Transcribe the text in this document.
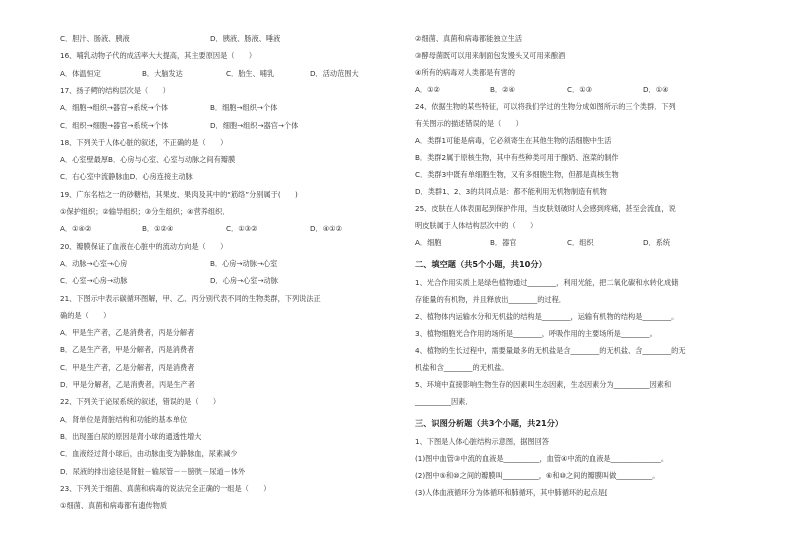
C．胆汁、肠液、胰液	D．胰液、肠液、唾液
16、哺乳动物子代的成活率大大提高，其主要原因是（　　）
A．体温恒定	B．大脑发达	C．胎生、哺乳	D．活动范围大
17、扬子鳄的结构层次是（　　）
A．细胞→组织→器官→系统→个体	B．细胞→组织→个体
C．组织→细胞→器官→系统→个体	D．细胞→组织→器官→个体
18、下列关于人体心脏的叙述，不正确的是（　　）
A．心室壁最厚B．心房与心室、心室与动脉之间有瓣膜
C．右心室中流静脉血D．心房连接主动脉
19、广东名桔之一的砂糖桔，其果皮、果肉及其中的“筋络”分别属于(　　)
①保护组织；②输导组织；③分生组织；④营养组织．
A．①④②	B．①②④	C．①③②	D．④①②
20、瓣膜保证了血液在心脏中的流动方向是（　　）
A．动脉→心室→心房	B．心房→动脉→心室
C．心室→心房→动脉	D．心房→心室→动脉
21、下图示中表示碳循环图解，甲、乙、丙分别代表不同的生物类群，下列说法正
确的是（　　）
A．甲是生产者，乙是消费者，丙是分解者
B．乙是生产者，甲是分解者，丙是消费者
C．甲是生产者，乙是分解者，丙是消费者
D．甲是分解者，乙是消费者，丙是生产者
22、下列关于泌尿系统的叙述，错误的是（　　）
A．肾单位是肾脏结构和功能的基本单位
B．出现蛋白尿的原因是肾小球的通透性增大
C．血液经过肾小球后，由动脉血变为静脉血，尿素减少
D．尿液的排出途径是肾脏－输尿管－－膀胱－尿道－体外
23、下列关于细菌、真菌和病毒的说法完全正确的一组是（　　）
①细菌、真菌和病毒都有遗传物质
②细菌、真菌和病毒都能独立生活
③酵母菌既可以用来制面包发馒头又可用来酿酒
④所有的病毒对人类都是有害的
A．①②	B．②④	C．①③	D．①④
24、依据生物的某些特征，可以将我们学过的生物分成如图所示的三个类群．下列
有关图示的描述错误的是（　　）
A．类群1可能是病毒，它必须寄生在其他生物的活细胞中生活
B．类群2属于原核生物，其中有些种类可用于酿奶、泡菜的制作
C．类群3中既有单细胞生物，又有多细胞生物，但都是真核生物
D．类群1、2、3的共同点是：都不能利用无机物制造有机物
25、皮肤在人体表面起到保护作用，当皮肤划破时人会感到疼痛，甚至会流血，说
明皮肤属于人体结构层次中的（　　）
A．细胞	B．器官	C．组织	D．系统
二、填空题（共5个小题，共10分）
1、光合作用实质上是绿色植物通过________，利用光能，把二氧化碳和水转化成储
存能量的有机物，并且释放出________的过程．
2、植物体内运输水分和无机盐的结构是________，运输有机物的结构是________。
3、植物细胞光合作用的场所是________，呼吸作用的主要场所是________。
4、植物的生长过程中，需要量最多的无机盐是含________的无机盐、含________的无
机盐和含________的无机盐。
5、环境中直接影响生物生存的因素叫生态因素，生态因素分为__________因素和
__________因素．
三、识图分析题（共3个小题，共21分）
1、下图是人体心脏结构示意图，据图回答
(1)图中血管③中流的血液是__________，血管④中流的血液是______________。
(2)图中⑤和⑩之间的瓣膜叫__________，⑥和⑩之间的瓣膜叫做__________。
(3)人体血液循环分为体循环和肺循环，其中肺循环的起点是[
